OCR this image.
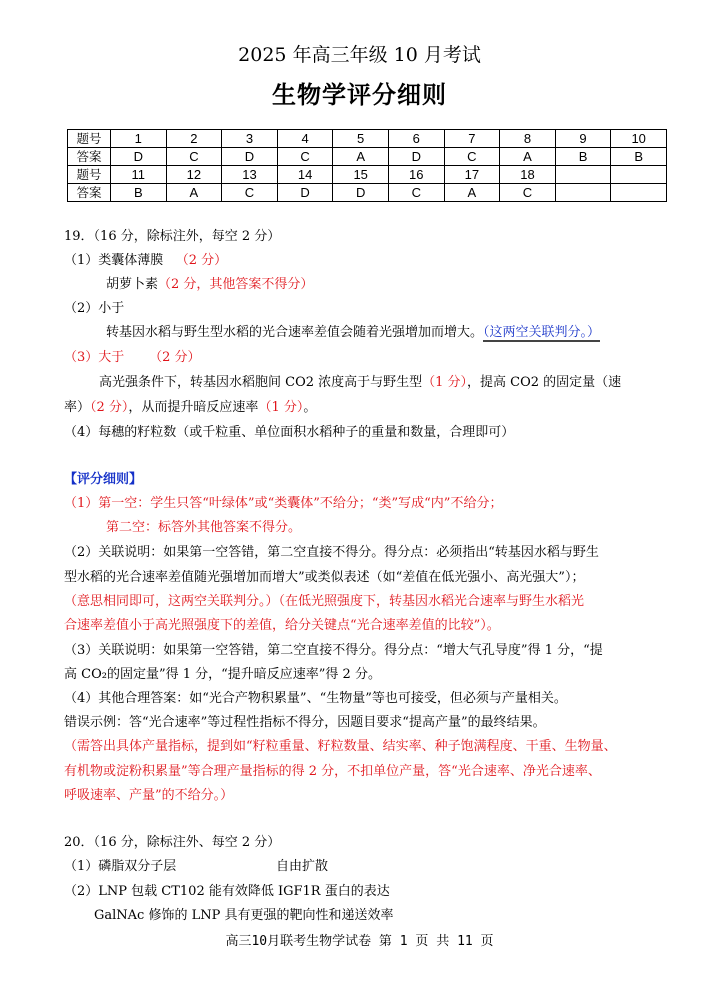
2025 年高三年级 10 月考试
生物学评分细则
题号	1	2	3	4	5	6	7	8	9	10
答案	D	C	D	C	A	D	C	A	B	B
题号	11	12	13	14	15	16	17	18		
答案	B	A	C	D	D	C	A	C		
19．（16 分，除标注外，每空 2 分）
（1）类囊体薄膜 （2 分）
胡萝卜素（2 分，其他答案不得分）
（2）小于
转基因水稻与野生型水稻的光合速率差值会随着光强增加而增大。（这两空关联判分。）
（3）大于 （2 分）
高光强条件下，转基因水稻胞间 CO2 浓度高于与野生型（1 分），提高 CO2 的固定量（速
率）（2 分），从而提升暗反应速率（1 分）。
（4）每穗的籽粒数（或千粒重、单位面积水稻种子的重量和数量，合理即可）
【评分细则】
（1）第一空：学生只答“叶绿体”或“类囊体”不给分；“类”写成“内”不给分；
第二空：标答外其他答案不得分。
（2）关联说明：如果第一空答错，第二空直接不得分。得分点：必须指出“转基因水稻与野生
型水稻的光合速率差值随光强增加而增大”或类似表述（如“差值在低光强小、高光强大”）；
（意思相同即可，这两空关联判分。）（在低光照强度下，转基因水稻光合速率与野生水稻光
合速率差值小于高光照强度下的差值，给分关键点“光合速率差值的比较”）。
（3）关联说明：如果第一空答错，第二空直接不得分。得分点：“增大气孔导度”得 1 分，“提
高 CO₂的固定量”得 1 分，“提升暗反应速率”得 2 分。
（4）其他合理答案：如“光合产物积累量”、“生物量”等也可接受，但必须与产量相关。
错误示例：答“光合速率”等过程性指标不得分，因题目要求“提高产量”的最终结果。
（需答出具体产量指标，提到如“籽粒重量、籽粒数量、结实率、种子饱满程度、干重、生物量、
有机物或淀粉积累量”等合理产量指标的得 2 分，不扣单位产量，答“光合速率、净光合速率、
呼吸速率、产量”的不给分。）
20．（16 分，除标注外、每空 2 分）
（1）磷脂双分子层	自由扩散
（2）LNP 包载 CT102 能有效降低 IGF1R 蛋白的表达
GalNAc 修饰的 LNP 具有更强的靶向性和递送效率
高三10月联考生物学试卷 第 1 页 共 11 页
